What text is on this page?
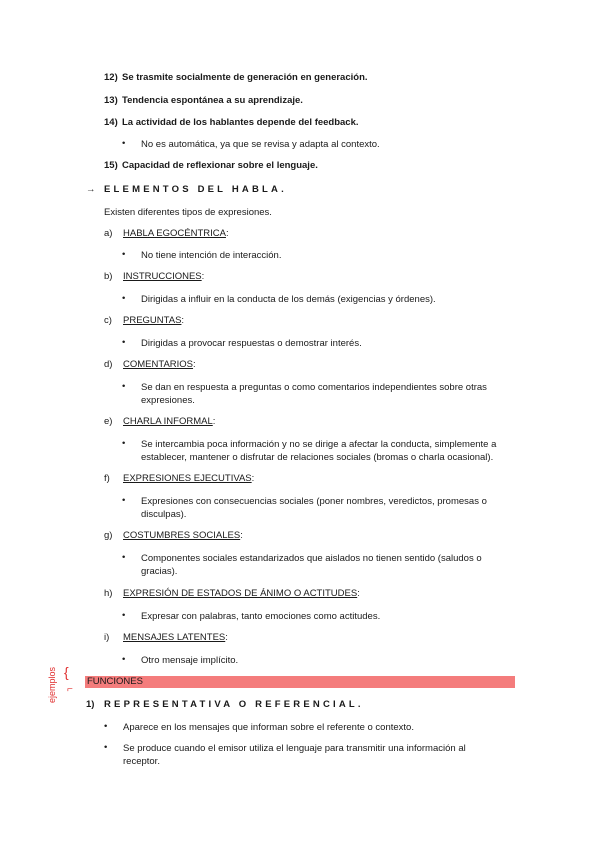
12) Se trasmite socialmente de generación en generación.
13) Tendencia espontánea a su aprendizaje.
14) La actividad de los hablantes depende del feedback.
• No es automática, ya que se revisa y adapta al contexto.
15) Capacidad de reflexionar sobre el lenguaje.
→ ELEMENTOS DEL HABLA.
Existen diferentes tipos de expresiones.
a) HABLA EGOCÉNTRICA:
• No tiene intención de interacción.
b) INSTRUCCIONES:
• Dirigidas a influir en la conducta de los demás (exigencias y órdenes).
c) PREGUNTAS:
• Dirigidas a provocar respuestas o demostrar interés.
d) COMENTARIOS:
• Se dan en respuesta a preguntas o como comentarios independientes sobre otras expresiones.
e) CHARLA INFORMAL:
• Se intercambia poca información y no se dirige a afectar la conducta, simplemente a establecer, mantener o disfrutar de relaciones sociales (bromas o charla ocasional).
f) EXPRESIONES EJECUTIVAS:
• Expresiones con consecuencias sociales (poner nombres, veredictos, promesas o disculpas).
g) COSTUMBRES SOCIALES:
• Componentes sociales estandarizados que aislados no tienen sentido (saludos o gracias).
h) EXPRESIÓN DE ESTADOS DE ÁNIMO O ACTITUDES:
• Expresar con palabras, tanto emociones como actitudes.
i) MENSAJES LATENTES:
• Otro mensaje implícito.
ejemplos {
⌐
FUNCIONES
1) REPRESENTATIVA O REFERENCIAL.
• Aparece en los mensajes que informan sobre el referente o contexto.
• Se produce cuando el emisor utiliza el lenguaje para transmitir una información al receptor.
